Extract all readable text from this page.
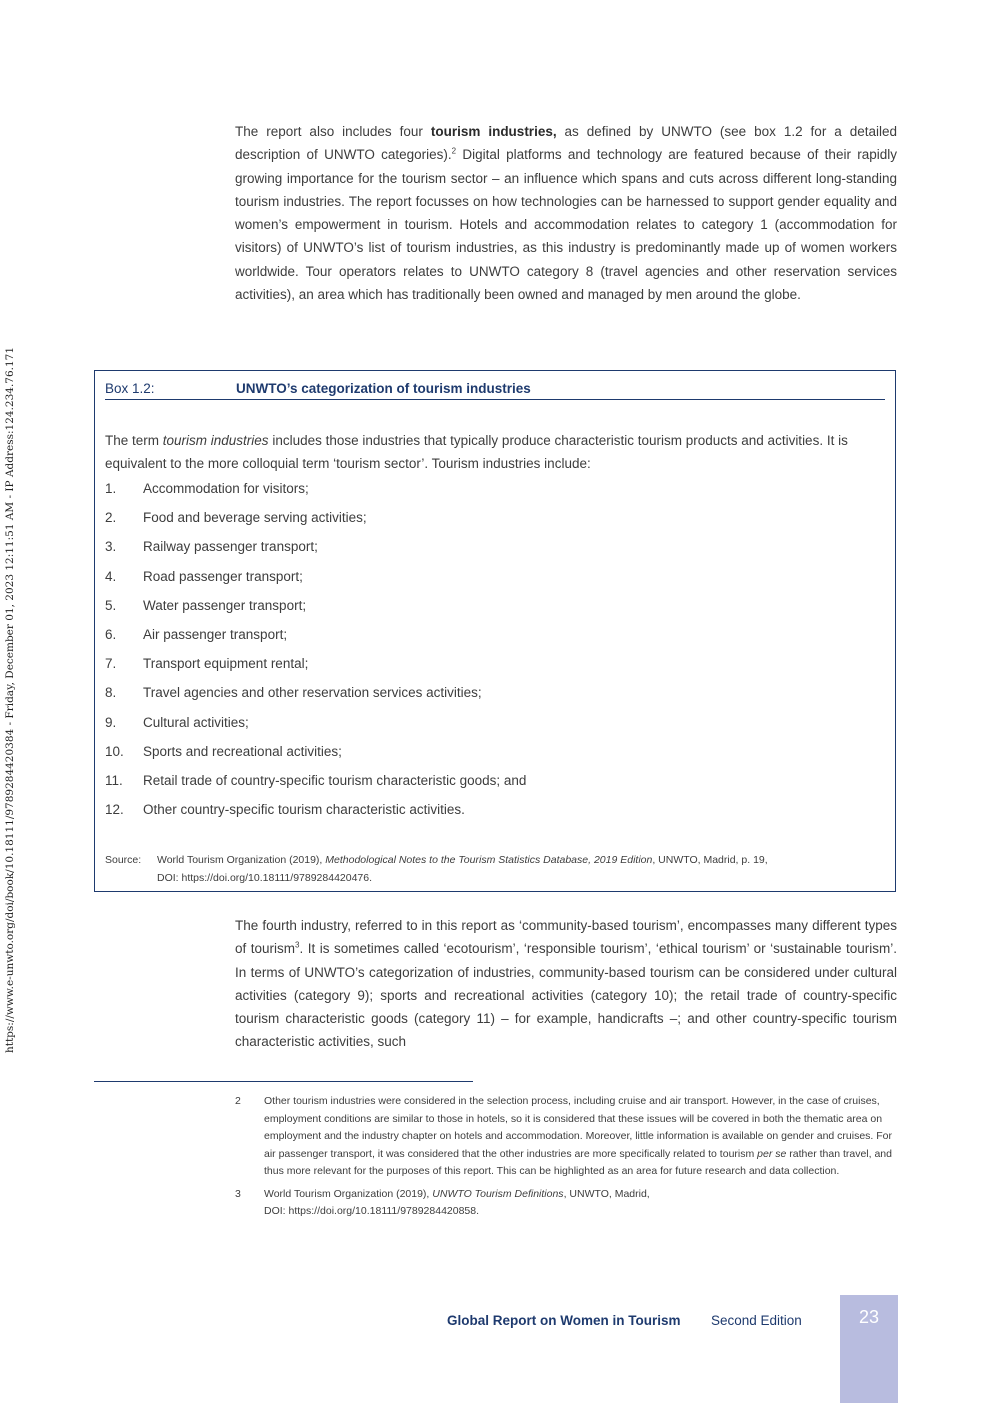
https://www.e-unwto.org/doi/book/10.18111/9789284420384 - Friday, December 01, 2023 12:11:51 AM - IP Address:124.234.76.171

The report also includes four tourism industries, as defined by UNWTO (see box 1.2 for a detailed description of UNWTO categories).$^2$ Digital platforms and technology are featured because of their rapidly growing importance for the tourism sector – an influence which spans and cuts across different long-standing tourism industries. The report focusses on how technologies can be harnessed to support gender equality and women’s empowerment in tourism. Hotels and accommodation relates to category 1 (accommodation for visitors) of UNWTO’s list of tourism industries, as this industry is predominantly made up of women workers worldwide. Tour operators relates to UNWTO category 8 (travel agencies and other reservation services activities), an area which has traditionally been owned and managed by men around the globe.

Box 1.2:	UNWTO’s categorization of tourism industries

The term tourism industries includes those industries that typically produce characteristic tourism products and activities. It is equivalent to the more colloquial term ‘tourism sector’. Tourism industries include:

1. Accommodation for visitors;
2. Food and beverage serving activities;
3. Railway passenger transport;
4. Road passenger transport;
5. Water passenger transport;
6. Air passenger transport;
7. Transport equipment rental;
8. Travel agencies and other reservation services activities;
9. Cultural activities;
10. Sports and recreational activities;
11. Retail trade of country-specific tourism characteristic goods; and
12. Other country-specific tourism characteristic activities.
Source: World Tourism Organization (2019), Methodological Notes to the Tourism Statistics Database, 2019 Edition, UNWTO, Madrid, p. 19,
DOI: https://doi.org/10.18111/9789284420476.

The fourth industry, referred to in this report as ‘community-based tourism’, encompasses many different types of tourism$^3$. It is sometimes called ‘ecotourism’, ‘responsible tourism’, ‘ethical tourism’ or ‘sustainable tourism’. In terms of UNWTO’s categorization of industries, community-based tourism can be considered under cultural activities (category 9); sports and recreational activities (category 10); the retail trade of country-specific tourism characteristic goods (category 11) – for example, handicrafts –; and other country-specific tourism characteristic activities, such

2 Other tourism industries were considered in the selection process, including cruise and air transport. However, in the case of cruises, employment conditions are similar to those in hotels, so it is considered that these issues will be covered in both the thematic area on employment and the industry chapter on hotels and accommodation. Moreover, little information is available on gender and cruises. For air passenger transport, it was considered that the other industries are more specifically related to tourism per se rather than travel, and thus more relevant for the purposes of this report. This can be highlighted as an area for future research and data collection.
3 World Tourism Organization (2019), UNWTO Tourism Definitions, UNWTO, Madrid,
DOI: https://doi.org/10.18111/9789284420858.
Global Report on Women in Tourism Second Edition	23
